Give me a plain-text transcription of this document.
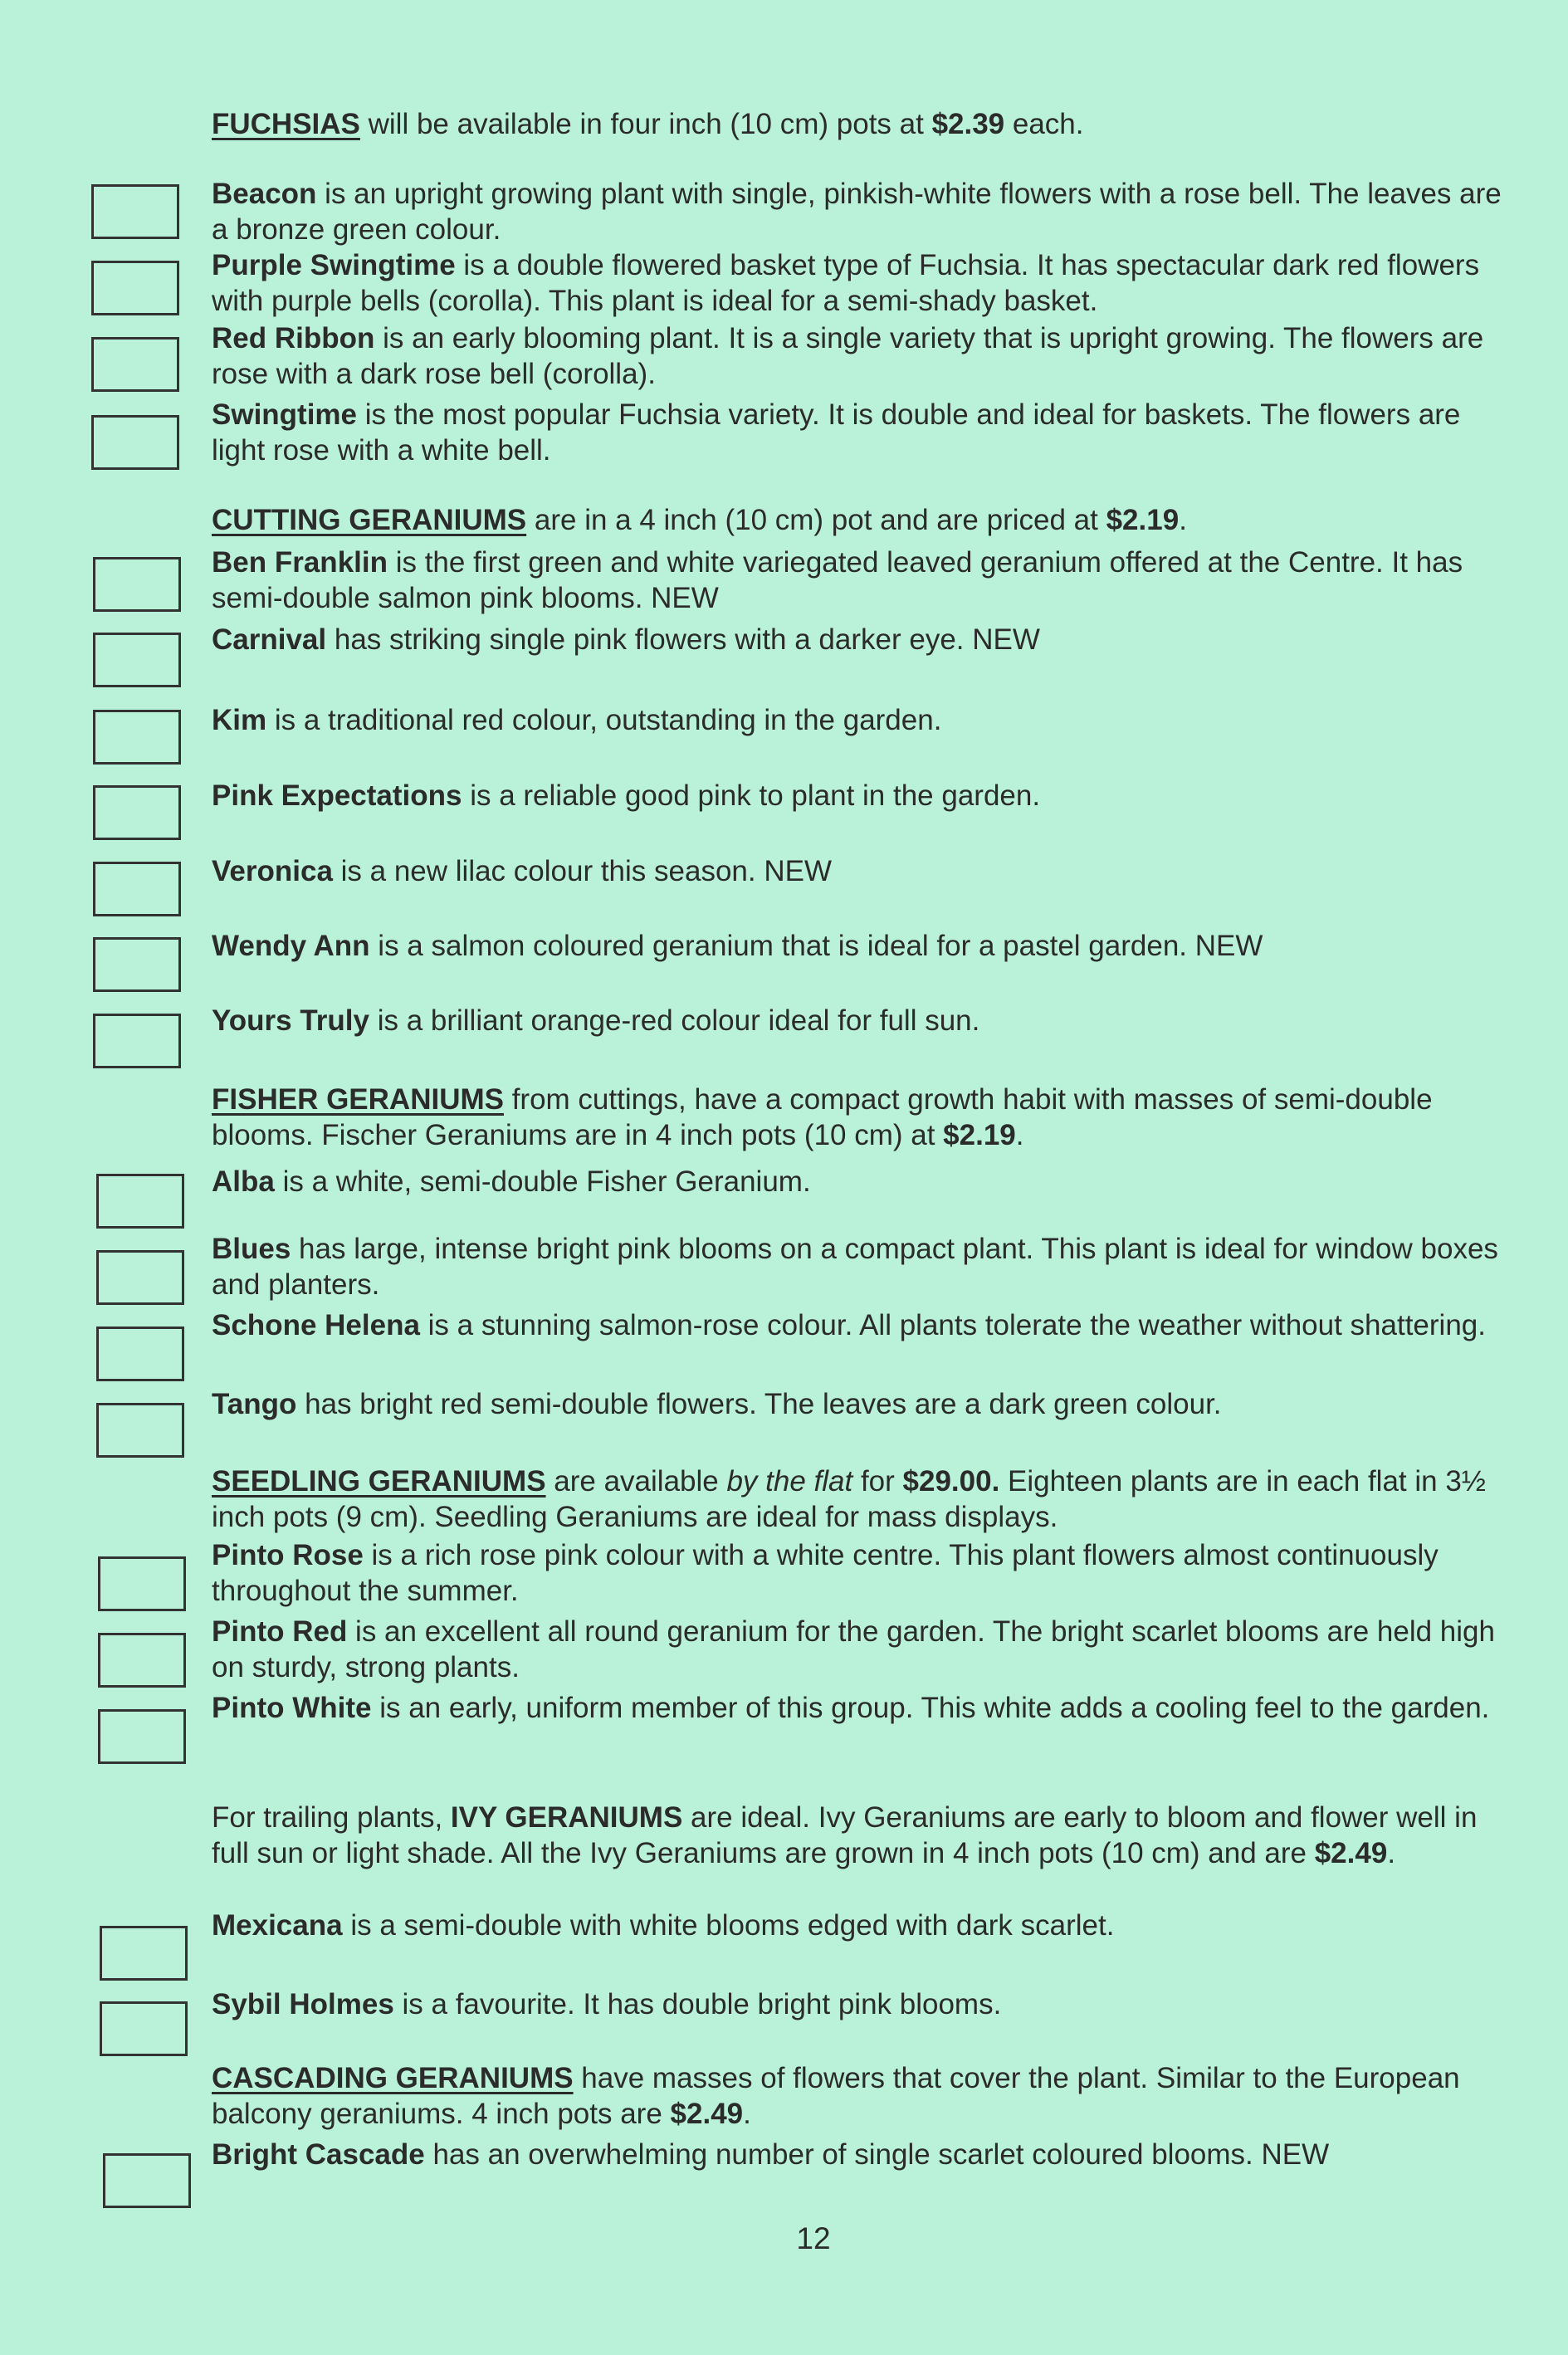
FUCHSIAS will be available in four inch (10 cm) pots at $2.39 each.

Beacon is an upright growing plant with single, pinkish-white flowers with a rose bell. The leaves are a bronze green colour.

Purple Swingtime is a double flowered basket type of Fuchsia. It has spectacular dark red flowers with purple bells (corolla). This plant is ideal for a semi-shady basket.

Red Ribbon is an early blooming plant. It is a single variety that is upright growing. The flowers are rose with a dark rose bell (corolla).

Swingtime is the most popular Fuchsia variety. It is double and ideal for baskets. The flowers are light rose with a white bell.

CUTTING GERANIUMS are in a 4 inch (10 cm) pot and are priced at $2.19.

Ben Franklin is the first green and white variegated leaved geranium offered at the Centre. It has semi-double salmon pink blooms. NEW

Carnival has striking single pink flowers with a darker eye. NEW

Kim is a traditional red colour, outstanding in the garden.

Pink Expectations is a reliable good pink to plant in the garden.

Veronica is a new lilac colour this season. NEW

Wendy Ann is a salmon coloured geranium that is ideal for a pastel garden. NEW

Yours Truly is a brilliant orange-red colour ideal for full sun.

FISHER GERANIUMS from cuttings, have a compact growth habit with masses of semi-double blooms. Fischer Geraniums are in 4 inch pots (10 cm) at $2.19.

Alba is a white, semi-double Fisher Geranium.

Blues has large, intense bright pink blooms on a compact plant. This plant is ideal for window boxes and planters.

Schone Helena is a stunning salmon-rose colour. All plants tolerate the weather without shattering.

Tango has bright red semi-double flowers. The leaves are a dark green colour.

SEEDLING GERANIUMS are available by the flat for $29.00. Eighteen plants are in each flat in 3½ inch pots (9 cm). Seedling Geraniums are ideal for mass displays.

Pinto Rose is a rich rose pink colour with a white centre. This plant flowers almost continuously throughout the summer.

Pinto Red is an excellent all round geranium for the garden. The bright scarlet blooms are held high on sturdy, strong plants.

Pinto White is an early, uniform member of this group. This white adds a cooling feel to the garden.

For trailing plants, IVY GERANIUMS are ideal. Ivy Geraniums are early to bloom and flower well in full sun or light shade. All the Ivy Geraniums are grown in 4 inch pots (10 cm) and are $2.49.

Mexicana is a semi-double with white blooms edged with dark scarlet.

Sybil Holmes is a favourite. It has double bright pink blooms.

CASCADING GERANIUMS have masses of flowers that cover the plant. Similar to the European balcony geraniums. 4 inch pots are $2.49.

Bright Cascade has an overwhelming number of single scarlet coloured blooms. NEW

12
